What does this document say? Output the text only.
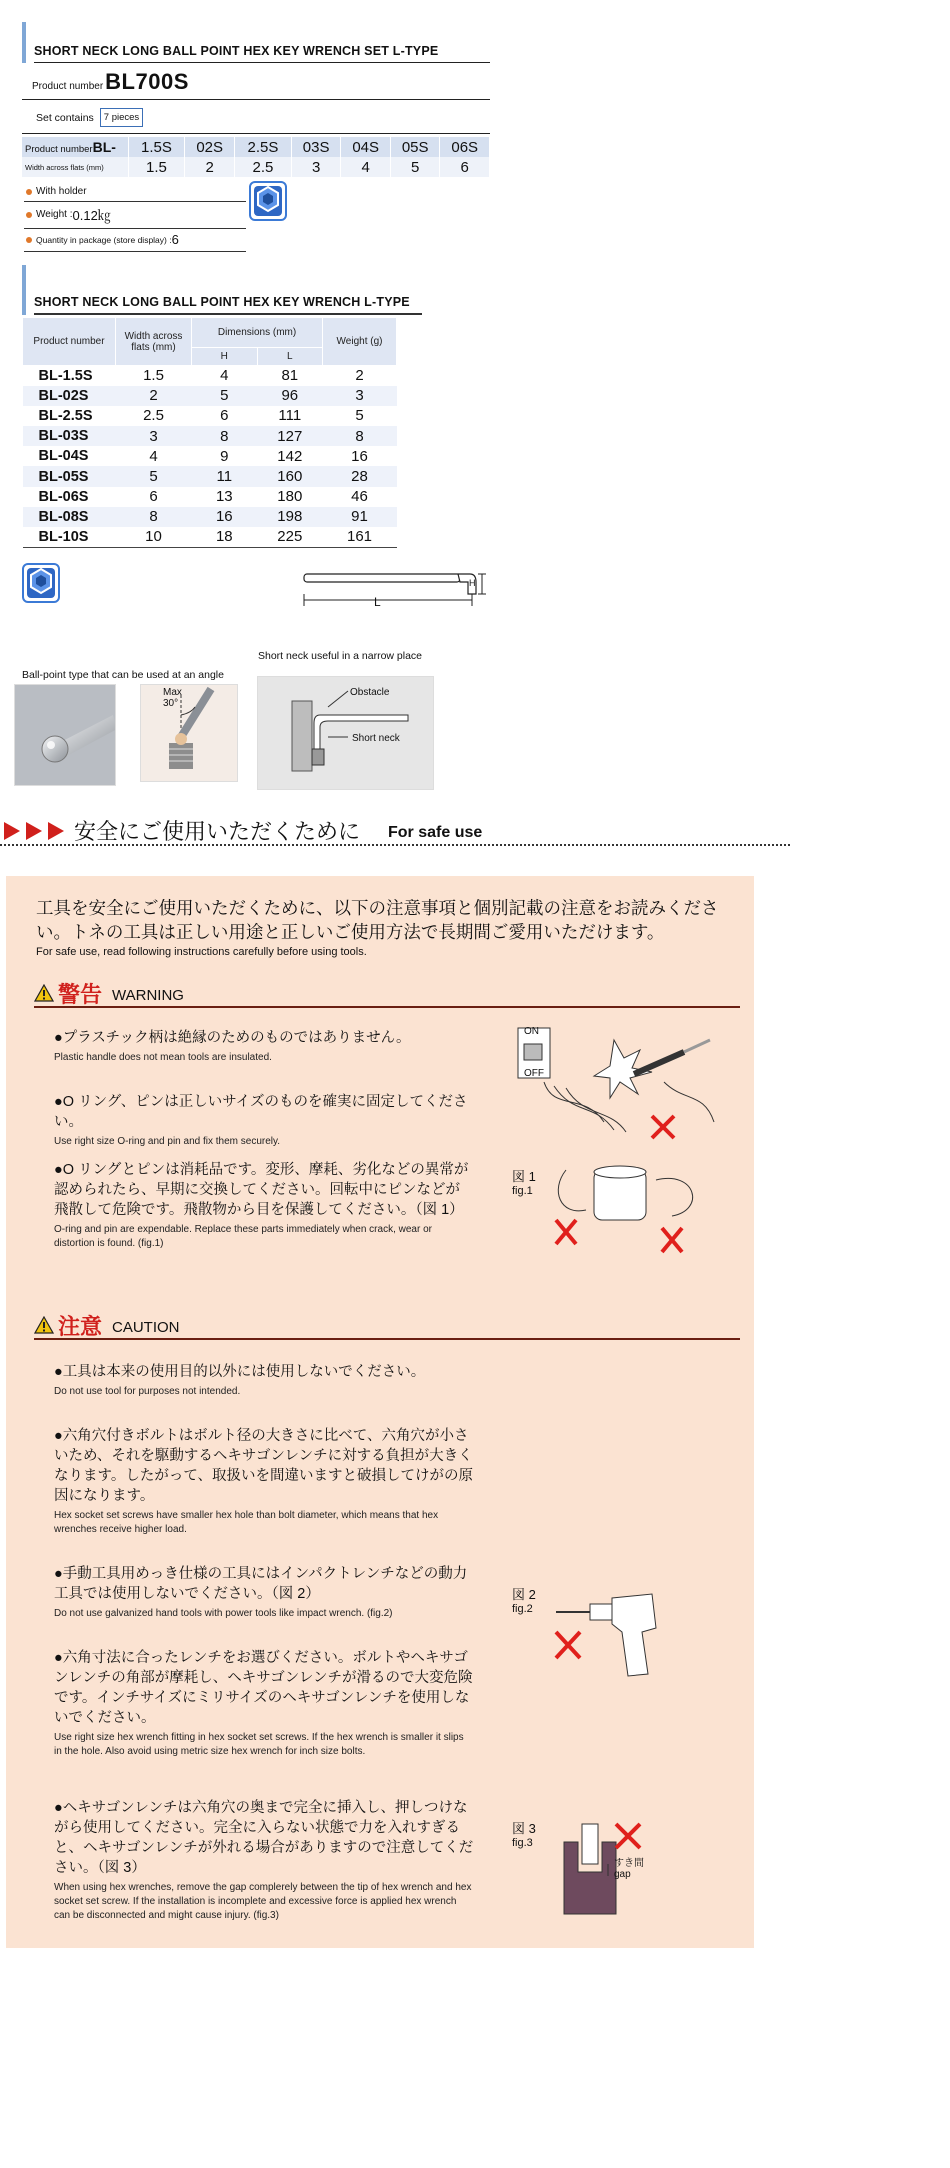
SHORT NECK LONG BALL POINT HEX KEY WRENCH SET L-TYPE
Product number BL700S
Set contains	7 pieces
Product numberBL-	1.5S	02S	2.5S	03S	04S	05S	06S
Width across flats (mm)	1.5	2	2.5	3	4	5	6
With holder
Weight : 0.12㎏
Quantity in package (store display) : 6
SHORT NECK LONG BALL POINT HEX KEY WRENCH L-TYPE
Product number	Width across flats (mm)	Dimensions (mm)		Weight (g)
		H	L	
BL-1.5S	1.5	4	81	2
BL-02S	2	5	96	3
BL-2.5S	2.5	6	111	5
BL-03S	3	8	127	8
BL-04S	4	9	142	16
BL-05S	5	11	160	28
BL-06S	6	13	180	46
BL-08S	8	16	198	91
BL-10S	10	18	225	161
L
H
Short neck useful in a narrow place
Ball-point type that can be used at an angle
Max 30°
Obstacle
Short neck
安全にご使用いただくために For safe use
工具を安全にご使用いただくために、以下の注意事項と個別記載の注意をお読みください。トネの工具は正しい用途と正しいご使用方法で長期間ご愛用いただけます。
For safe use, read following instructions carefully before using tools.
警告 WARNING
●プラスチック柄は絶縁のためのものではありません。
Plastic handle does not mean tools are insulated.
●O リング、ピンは正しいサイズのものを確実に固定してください。
Use right size O-ring and pin and fix them securely.
●O リングとピンは消耗品です。変形、摩耗、劣化などの異常が認められたら、早期に交換してください。回転中にピンなどが飛散して危険です。飛散物から目を保護してください。（図 1）
O-ring and pin are expendable. Replace these parts immediately when crack, wear or distortion is found. (fig.1)
ON
OFF
図 1
fig.1
注意 CAUTION
●工具は本来の使用目的以外には使用しないでください。
Do not use tool for purposes not intended.
●六角穴付きボルトはボルト径の大きさに比べて、六角穴が小さいため、それを駆動するヘキサゴンレンチに対する負担が大きくなります。したがって、取扱いを間違いますと破損してけがの原因になります。
Hex socket set screws have smaller hex hole than bolt diameter, which means that hex wrenches receive higher load.
●手動工具用めっき仕様の工具にはインパクトレンチなどの動力工具では使用しないでください。（図 2）
Do not use galvanized hand tools with power tools like impact wrench. (fig.2)
●六角寸法に合ったレンチをお選びください。ボルトやヘキサゴンレンチの角部が摩耗し、ヘキサゴンレンチが滑るので大変危険です。インチサイズにミリサイズのヘキサゴンレンチを使用しないでください。
Use right size hex wrench fitting in hex socket set screws. If the hex wrench is smaller it slips in the hole. Also avoid using metric size hex wrench for inch size bolts.
●ヘキサゴンレンチは六角穴の奥まで完全に挿入し、押しつけながら使用してください。完全に入らない状態で力を入れすぎると、ヘキサゴンレンチが外れる場合がありますので注意してください。（図 3）
When using hex wrenches, remove the gap complerely between the tip of hex wrench and hex socket set screw. If the installation is incomplete and excessive force is applied hex wrench can be disconnected and might cause injury. (fig.3)
図 2
fig.2
図 3
fig.3
すき間
gap
